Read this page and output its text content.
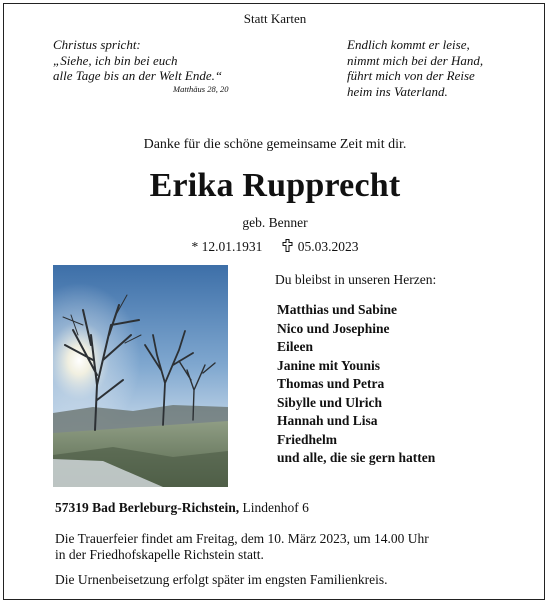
Statt Karten
Christus spricht:
„Siehe, ich bin bei euch
alle Tage bis an der Welt Ende.“
Matthäus 28, 20
Endlich kommt er leise,
nimmt mich bei der Hand,
führt mich von der Reise
heim ins Vaterland.
Danke für die schöne gemeinsame Zeit mit dir.
Erika Rupprecht
geb. Benner
* 12.01.1931	05.03.2023
Du bleibst in unseren Herzen:
Matthias und Sabine
Nico und Josephine
Eileen
Janine mit Younis
Thomas und Petra
Sibylle und Ulrich
Hannah und Lisa
Friedhelm
und alle, die sie gern hatten
57319 Bad Berleburg-Richstein, Lindenhof 6
Die Trauerfeier findet am Freitag, dem 10. März 2023, um 14.00 Uhr
in der Friedhofskapelle Richstein statt.
Die Urnenbeisetzung erfolgt später im engsten Familienkreis.
